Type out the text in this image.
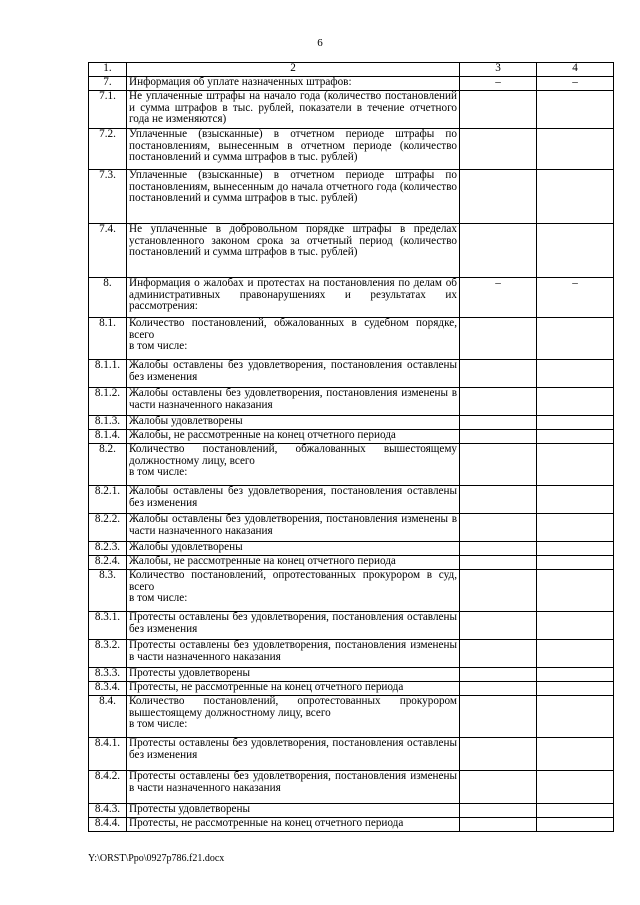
6
1.	2	3	4
7.	Информация об уплате назначенных штрафов:	–	–
7.1.	Не уплаченные штрафы на начало года (количество постановлений и сумма штрафов в тыс. рублей, показатели в течение отчетного года не изменяются)		
7.2.	Уплаченные (взысканные) в отчетном периоде штрафы по постановлениям, вынесенным в отчетном периоде (количество постановлений и сумма штрафов в тыс. рублей)		
7.3.	Уплаченные (взысканные) в отчетном периоде штрафы по постановлениям, вынесенным до начала отчетного года (количество постановлений и сумма штрафов в тыс. рублей)		
7.4.	Не уплаченные в добровольном порядке штрафы в пределах установленного законом срока за отчетный период (количество постановлений и сумма штрафов в тыс. рублей)		
8.	Информация о жалобах и протестах на постановления по делам об административных правонарушениях и результатах их рассмотрения:	–	–
8.1.	Количество постановлений, обжалованных в судебном порядке, всего
в том числе:		
8.1.1.	Жалобы оставлены без удовлетворения, постановления оставлены без изменения		
8.1.2.	Жалобы оставлены без удовлетворения, постановления изменены в части назначенного наказания		
8.1.3.	Жалобы удовлетворены		
8.1.4.	Жалобы, не рассмотренные на конец отчетного периода		
8.2.	Количество постановлений, обжалованных вышестоящему должностному лицу, всего
в том числе:		
8.2.1.	Жалобы оставлены без удовлетворения, постановления оставлены без изменения		
8.2.2.	Жалобы оставлены без удовлетворения, постановления изменены в части назначенного наказания		
8.2.3.	Жалобы удовлетворены		
8.2.4.	Жалобы, не рассмотренные на конец отчетного периода		
8.3.	Количество постановлений, опротестованных прокурором в суд, всего
в том числе:		
8.3.1.	Протесты оставлены без удовлетворения, постановления оставлены без изменения		
8.3.2.	Протесты оставлены без удовлетворения, постановления изменены в части назначенного наказания		
8.3.3.	Протесты удовлетворены		
8.3.4.	Протесты, не рассмотренные на конец отчетного периода		
8.4.	Количество постановлений, опротестованных прокурором вышестоящему должностному лицу, всего
в том числе:		
8.4.1.	Протесты оставлены без удовлетворения, постановления оставлены без изменения		
8.4.2.	Протесты оставлены без удовлетворения, постановления изменены в части назначенного наказания		
8.4.3.	Протесты удовлетворены		
8.4.4.	Протесты, не рассмотренные на конец отчетного периода		
Y:\ORST\Ppo\0927p786.f21.docx
